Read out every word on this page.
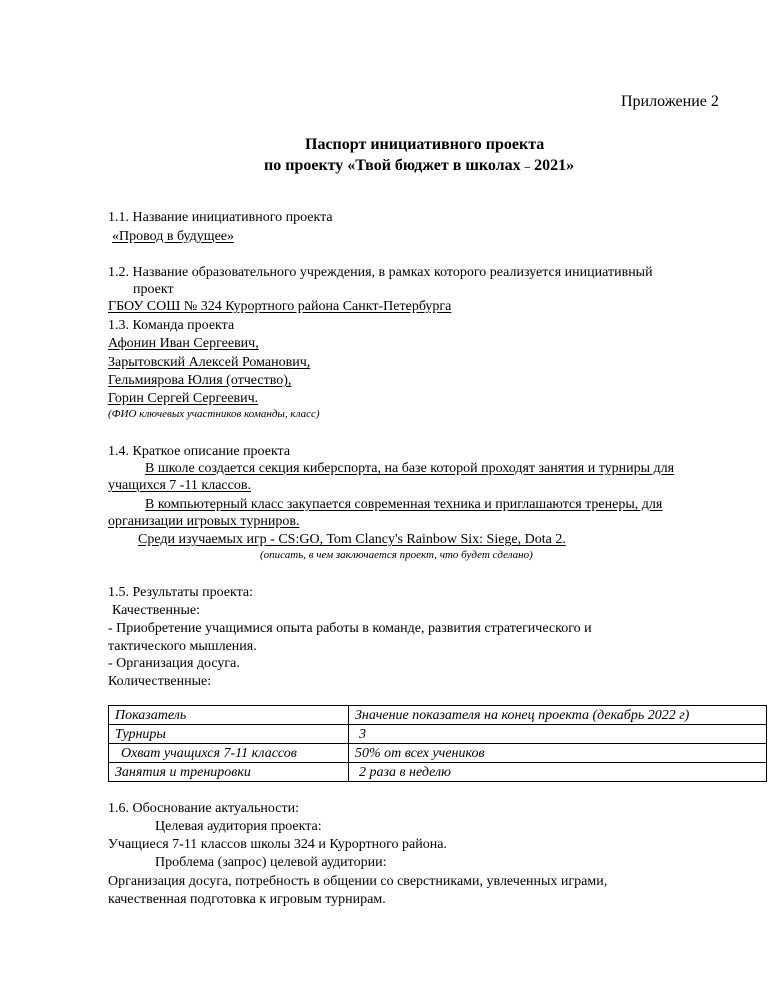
Приложение 2
Паспорт инициативного проекта
по проекту «Твой бюджет в школах – 2021»
1.1. Название инициативного проекта
«Провод в будущее»
1.2. Название образовательного учреждения, в рамках которого реализуется инициативный
проект
ГБОУ СОШ № 324 Курортного района Санкт-Петербурга
1.3. Команда проекта
Афонин Иван Сергеевич,
Зарытовский Алексей Романович,
Гельмиярова Юлия (отчество),
Горин Сергей Сергеевич.
(ФИО ключевых участников команды, класс)
1.4. Краткое описание проекта
В школе создается секция киберспорта, на базе которой проходят занятия и турниры для
учащихся 7 -11 классов.
В компьютерный класс закупается современная техника и приглашаются тренеры, для
организации игровых турниров.
Среди изучаемых игр - CS:GO, Tom Clancy's Rainbow Six: Siege, Dota 2.
(описать, в чем заключается проект, что будет сделано)
1.5. Результаты проекта:
Качественные:
- Приобретение учащимися опыта работы в команде, развития стратегического и
тактического мышления.
- Организация досуга.
Количественные:
Показатель	Значение показателя на конец проекта (декабрь 2022 г)
Турниры	3
Охват учащихся 7-11 классов	50% от всех учеников
Занятия и тренировки	2 раза в неделю
1.6. Обоснование актуальности:
Целевая аудитория проекта:
Учащиеся 7-11 классов школы 324 и Курортного района.
Проблема (запрос) целевой аудитории:
Организация досуга, потребность в общении со сверстниками, увлеченных играми,
качественная подготовка к игровым турнирам.
